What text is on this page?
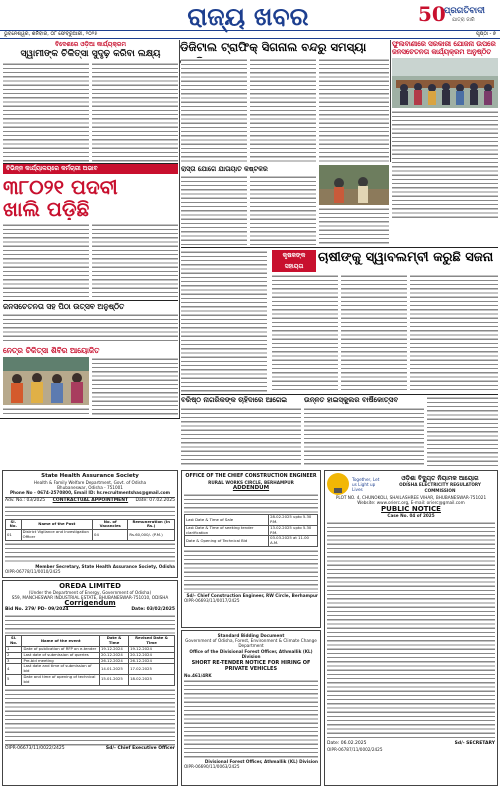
ରାଜ୍ୟ ଖବର	50
ପ୍ରଗତିବାଦୀ
ଯାତ୍ରା ଜାରି
ଭୁବନେଶ୍ୱର, ଶନିବାର, ୦୮ ଫେବ୍ରୁଆରୀ, ୨୦୨୫	ପୃଷ୍ଠା - ୭
ବିଦେଶରେ ଓଡ଼ିଆ କାର୍ଯ୍ୟକ୍ରମ
ସ୍ୱାମୀଙ୍କ ଚିକିତ୍ସା ସୁଦୃଢ଼ କରିବା ଲକ୍ଷ୍ୟ	ଡିଜିଟାଲ ଟ୍ରାଫିକ୍ ସିଗନାଲ ବନ୍ଦରୁ ସମସ୍ୟା	ଫୁଲବାଣୀରେ ସରକାରୀ ଯୋଜନା ଉପରେ
ଜନସଚେତନତା କାର୍ଯ୍ୟକ୍ରମ ଅନୁଷ୍ଠିତ
ବିଭିନ୍ନ କାର୍ଯ୍ୟାଳୟରେ କର୍ମଚାରୀ ଅଭାବ
୩୮୦୨୧ ପଦବୀ
ଖାଲି ପଡ଼ିଛି
ରାସ୍ତା ଯୋଗେ ଯାତାୟାତ କଷ୍ଟକର
କୃଷକଙ୍କ ସହାୟତା
ଚାଷୀଙ୍କୁ ସ୍ୱାବଲମ୍ବୀ କରୁଛି ସଜନା
ଜନସଚେତନତା ସହ ପିଠା ଉତ୍ସବ ଅନୁଷ୍ଠିତ
ନେତ୍ର ଚିକିତ୍ସା ଶିବିର ଆୟୋଜିତ
ବରିଷ୍ଠ ନାଗରିକଙ୍କ ଚାହିଦାରେ ଆଗେଇ	ଉନ୍ନତ ହାଇସ୍କୁଲର ବାର୍ଷିକୋତ୍ସବ
State Health Assurance Society
Health & Family Welfare Department, Govt. of Odisha
Bhubaneswar, Odisha - 751001
Phone No - 0674-2570800, Email ID: hr.recruitmentshas@gmail.com
Adv. No.: 03/2025 CONTRACTUAL APPOINTMENT Date: 07.02.2025
Sl. No.	Name of the Post	No. of Vacancies	Remuneration (In Rs.)
01	District Vigilance and Investigation Officer	04	Rs.60,000/- (P.M.)
Member Secretary, State Health Assurance Society, Odisha
OIPR-06778/11/0010/2425
OREDA LIMITED
(Under the Department of Energy, Government of Odisha)
S59, MANCHESWAR INDUSTRIAL ESTATE, BHUBANESWAR-751010, ODISHA
Corrigendum
Bid No. 279/ PD- 09/2024	Date: 03/02/2025
Sl. No.	Name of the event	Date & Time	Revised Date & Time
1	Date of publication of RFP on e-tender	19.12.2024	19.12.2024
2	Last date of submission of queries	20.12.2024	20.12.2024
3	Pre-bid meeting	26.12.2024	26.12.2024
4	Last date and time of submission of bid	14.01.2025	17.02.2025
5	Date and time of opening of technical bid	15.01.2025	18.02.2025
OIPR-06673/11/0022/2425	Sd/- Chief Executive Officer
OFFICE OF THE CHIEF CONSTRUCTION ENGINEER
RURAL WORKS CIRCLE, BERHAMPUR
ADDENDUM
Last Date & Time of Sale	28.02.2025 upto 5.30 P.M.
Last Date & Time of seeking tender clarification	13.02.2025 upto 5.30 P.M.
Date & Opening of Technical Bid	03.03.2025 at 11.00 A.M.
Sd/- Chief Construction Engineer, RW Circle, Berhampur
OIPR-06693/11/0017/2425
Standard Bidding Document
Government of Odisha, Forest, Environment & Climate Change Department
Office of the Divisional Forest Officer, Athmallik (KL) Division
SHORT RE-TENDER NOTICE FOR HIRING OF PRIVATE VEHICLES
No.461/4RK
Divisional Forest Officer, Athmallik (KL) Division
OIPR-06690/11/0063/2425
Together, Let us Light up Lives
ଓଡ଼ିଶା ବିଦ୍ୟୁତ ନିୟାମକ ଆୟୋଗ
ODISHA ELECTRICITY REGULATORY COMMISSION
PLOT NO. 4, CHUNOKOLI, SHAILASHREE VIHAR, BHUBANESWAR-751021
Website: www.orierc.org, E-mail: orierc@gmail.com
PUBLIC NOTICE
Case No. 04 of 2025
Date: 06.02.2025	Sd/- SECRETARY
OIPR-06787/11/0002/2425
